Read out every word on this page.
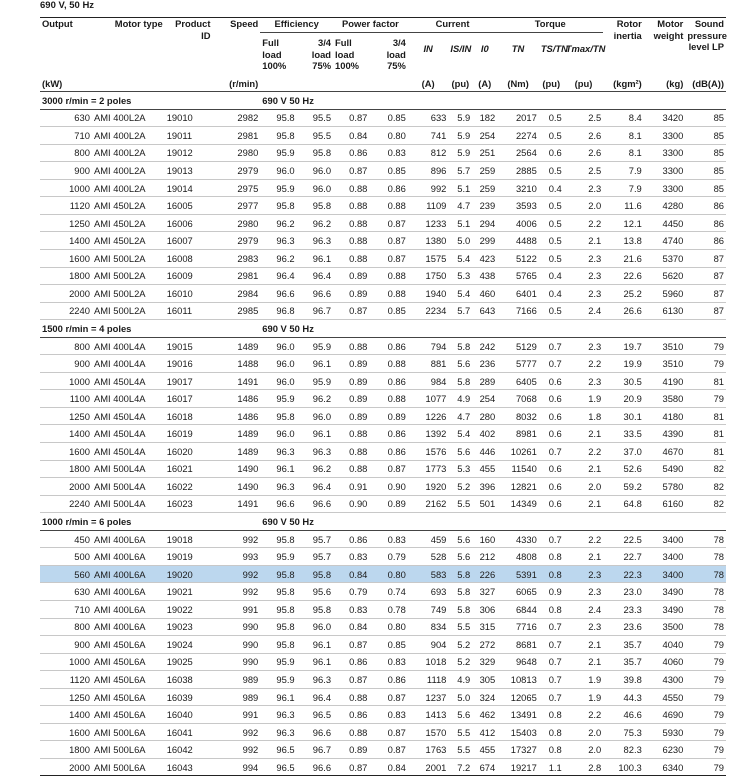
690 V, 50 Hz
Output	Motor type	Product ID	Speed	Efficiency		Power factor		Current			Torque			Rotor inertia	Motor weight	Sound pressure level LP
				Full load 100%	3/4 load 75%	Full load 100%	3/4 load 75%	IN	IS/IN	I0	TN	TS/TN	Tmax/TN			
(kW)			(r/min)					(A)	(pu)	(A)	(Nm)	(pu)	(pu)	(kgm²)	(kg)	(dB(A))
3000 r/min = 2 poles				690 V 50 Hz												
630	AMI 400L2A	19010	2982	95.8	95.5	0.87	0.85	633	5.9	182	2017	0.5	2.5	8.4	3420	85
710	AMI 400L2A	19011	2981	95.8	95.5	0.84	0.80	741	5.9	254	2274	0.5	2.6	8.1	3300	85
800	AMI 400L2A	19012	2980	95.9	95.8	0.86	0.83	812	5.9	251	2564	0.6	2.6	8.1	3300	85
900	AMI 400L2A	19013	2979	96.0	96.0	0.87	0.85	896	5.7	259	2885	0.5	2.5	7.9	3300	85
1000	AMI 400L2A	19014	2975	95.9	96.0	0.88	0.86	992	5.1	259	3210	0.4	2.3	7.9	3300	85
1120	AMI 450L2A	16005	2977	95.8	95.8	0.88	0.88	1109	4.7	239	3593	0.5	2.0	11.6	4280	86
1250	AMI 450L2A	16006	2980	96.2	96.2	0.88	0.87	1233	5.1	294	4006	0.5	2.2	12.1	4450	86
1400	AMI 450L2A	16007	2979	96.3	96.3	0.88	0.87	1380	5.0	299	4488	0.5	2.1	13.8	4740	86
1600	AMI 500L2A	16008	2983	96.2	96.1	0.88	0.87	1575	5.4	423	5122	0.5	2.3	21.6	5370	87
1800	AMI 500L2A	16009	2981	96.4	96.4	0.89	0.88	1750	5.3	438	5765	0.4	2.3	22.6	5620	87
2000	AMI 500L2A	16010	2984	96.6	96.6	0.89	0.88	1940	5.4	460	6401	0.4	2.3	25.2	5960	87
2240	AMI 500L2A	16011	2985	96.8	96.7	0.87	0.85	2234	5.7	643	7166	0.5	2.4	26.6	6130	87
1500 r/min = 4 poles				690 V 50 Hz												
800	AMI 400L4A	19015	1489	96.0	95.9	0.88	0.86	794	5.8	242	5129	0.7	2.3	19.7	3510	79
900	AMI 400L4A	19016	1488	96.0	96.1	0.89	0.88	881	5.6	236	5777	0.7	2.2	19.9	3510	79
1000	AMI 450L4A	19017	1491	96.0	95.9	0.89	0.86	984	5.8	289	6405	0.6	2.3	30.5	4190	81
1100	AMI 400L4A	16017	1486	95.9	96.2	0.89	0.88	1077	4.9	254	7068	0.6	1.9	20.9	3580	79
1250	AMI 450L4A	16018	1486	95.8	96.0	0.89	0.89	1226	4.7	280	8032	0.6	1.8	30.1	4180	81
1400	AMI 450L4A	16019	1489	96.0	96.1	0.88	0.86	1392	5.4	402	8981	0.6	2.1	33.5	4390	81
1600	AMI 450L4A	16020	1489	96.3	96.3	0.88	0.86	1576	5.6	446	10261	0.7	2.2	37.0	4670	81
1800	AMI 500L4A	16021	1490	96.1	96.2	0.88	0.87	1773	5.3	455	11540	0.6	2.1	52.6	5490	82
2000	AMI 500L4A	16022	1490	96.3	96.4	0.91	0.90	1920	5.2	396	12821	0.6	2.0	59.2	5780	82
2240	AMI 500L4A	16023	1491	96.6	96.6	0.90	0.89	2162	5.5	501	14349	0.6	2.1	64.8	6160	82
1000 r/min = 6 poles				690 V 50 Hz												
450	AMI 400L6A	19018	992	95.8	95.7	0.86	0.83	459	5.6	160	4330	0.7	2.2	22.5	3400	78
500	AMI 400L6A	19019	993	95.9	95.7	0.83	0.79	528	5.6	212	4808	0.8	2.1	22.7	3400	78
560	AMI 400L6A	19020	992	95.8	95.8	0.84	0.80	583	5.8	226	5391	0.8	2.3	22.3	3400	78
630	AMI 400L6A	19021	992	95.8	95.6	0.79	0.74	693	5.8	327	6065	0.9	2.3	23.0	3490	78
710	AMI 400L6A	19022	991	95.8	95.8	0.83	0.78	749	5.8	306	6844	0.8	2.4	23.3	3490	78
800	AMI 400L6A	19023	990	95.8	96.0	0.84	0.80	834	5.5	315	7716	0.7	2.3	23.6	3500	78
900	AMI 450L6A	19024	990	95.8	96.1	0.87	0.85	904	5.2	272	8681	0.7	2.1	35.7	4040	79
1000	AMI 450L6A	19025	990	95.9	96.1	0.86	0.83	1018	5.2	329	9648	0.7	2.1	35.7	4060	79
1120	AMI 450L6A	16038	989	95.9	96.3	0.87	0.86	1118	4.9	305	10813	0.7	1.9	39.8	4300	79
1250	AMI 450L6A	16039	989	96.1	96.4	0.88	0.87	1237	5.0	324	12065	0.7	1.9	44.3	4550	79
1400	AMI 450L6A	16040	991	96.3	96.5	0.86	0.83	1413	5.6	462	13491	0.8	2.2	46.6	4690	79
1600	AMI 500L6A	16041	992	96.3	96.6	0.88	0.87	1570	5.5	412	15403	0.8	2.0	75.3	5930	79
1800	AMI 500L6A	16042	992	96.5	96.7	0.89	0.87	1763	5.5	455	17327	0.8	2.0	82.3	6230	79
2000	AMI 500L6A	16043	994	96.5	96.6	0.87	0.84	2001	7.2	674	19217	1.1	2.8	100.3	6340	79
